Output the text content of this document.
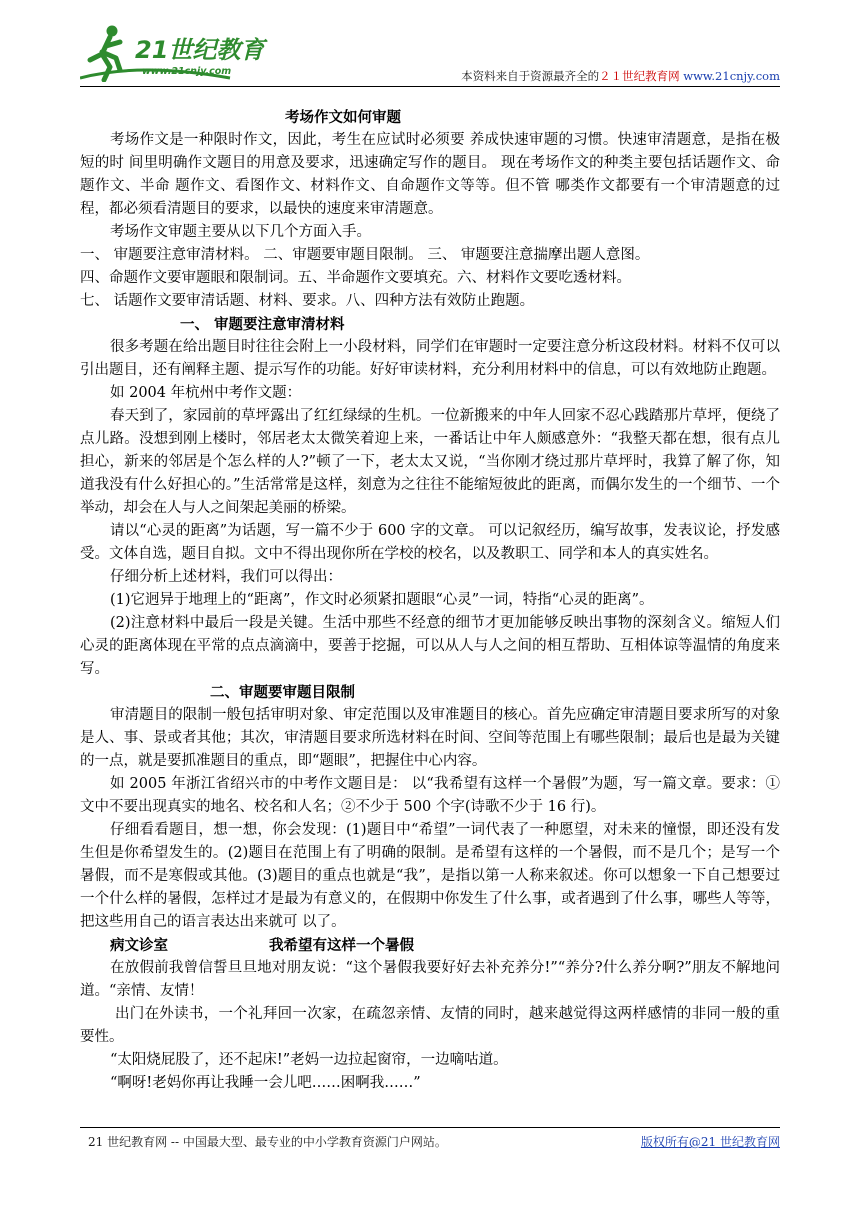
21世纪教育
www.21cnjy.com	本资料来自于资源最齐全的２１世纪教育网 www.21cnjy.com

考场作文如何审题

考场作文是一种限时作文，因此，考生在应试时必须要 养成快速审题的习惯。快速审清题意，是指在极短的时 间里明确作文题目的用意及要求，迅速确定写作的题目。 现在考场作文的种类主要包括话题作文、命题作文、半命 题作文、看图作文、材料作文、自命题作文等等。但不管 哪类作文都要有一个审清题意的过程，都必须看清题目的要求，以最快的速度来审清题意。

考场作文审题主要从以下几个方面入手。

一、 审题要注意审清材料。 二、审题要审题目限制。 三、 审题要注意揣摩出题人意图。

四、命题作文要审题眼和限制词。五、半命题作文要填充。六、材料作文要吃透材料。

七、 话题作文要审清话题、材料、要求。八、四种方法有效防止跑题。

一、 审题要注意审清材料

很多考题在给出题目时往往会附上一小段材料，同学们在审题时一定要注意分析这段材料。材料不仅可以引出题目，还有阐释主题、提示写作的功能。好好审读材料，充分利用材料中的信息，可以有效地防止跑题。

如 2004 年杭州中考作文题：

春天到了，家园前的草坪露出了红红绿绿的生机。一位新搬来的中年人回家不忍心践踏那片草坪，便绕了点儿路。没想到刚上楼时，邻居老太太微笑着迎上来，一番话让中年人颇感意外：“我整天都在想，很有点儿担心，新来的邻居是个怎么样的人?”顿了一下，老太太又说，“当你刚才绕过那片草坪时，我算了解了你，知道我没有什么好担心的。”生活常常是这样，刻意为之往往不能缩短彼此的距离，而偶尔发生的一个细节、一个举动，却会在人与人之间架起美丽的桥梁。

请以“心灵的距离”为话题，写一篇不少于 600 字的文章。 可以记叙经历，编写故事，发表议论，抒发感受。文体自选，题目自拟。文中不得出现你所在学校的校名，以及教职工、同学和本人的真实姓名。

仔细分析上述材料，我们可以得出：

(1)它迥异于地理上的“距离”，作文时必须紧扣题眼“心灵”一词，特指“心灵的距离”。

(2)注意材料中最后一段是关键。生活中那些不经意的细节才更加能够反映出事物的深刻含义。缩短人们心灵的距离体现在平常的点点滴滴中，要善于挖掘，可以从人与人之间的相互帮助、互相体谅等温情的角度来写。

二、审题要审题目限制

审清题目的限制一般包括审明对象、审定范围以及审准题目的核心。首先应确定审清题目要求所写的对象是人、事、景或者其他；其次，审清题目要求所选材料在时间、空间等范围上有哪些限制；最后也是最为关键的一点，就是要抓准题目的重点，即“题眼”，把握住中心内容。

如 2005 年浙江省绍兴市的中考作文题目是： 以“我希望有这样一个暑假”为题，写一篇文章。要求：①文中不要出现真实的地名、校名和人名；②不少于 500 个字(诗歌不少于 16 行)。

仔细看看题目，想一想，你会发现：(1)题目中“希望”一词代表了一种愿望，对未来的憧憬，即还没有发生但是你希望发生的。(2)题目在范围上有了明确的限制。是希望有这样的一个暑假，而不是几个；是写一个暑假，而不是寒假或其他。(3)题目的重点也就是“我”，是指以第一人称来叙述。你可以想象一下自己想要过一个什么样的暑假，怎样过才是最为有意义的，在假期中你发生了什么事，或者遇到了什么事，哪些人等等，把这些用自己的语言表达出来就可 以了。

病文诊室                    我希望有这样一个暑假

在放假前我曾信誓旦旦地对朋友说：“这个暑假我要好好去补充养分!”“养分?什么养分啊?”朋友不解地问道。“亲情、友情！

出门在外读书，一个礼拜回一次家，在疏忽亲情、友情的同时，越来越觉得这两样感情的非同一般的重要性。

“太阳烧屁股了，还不起床!”老妈一边拉起窗帘，一边嘀咕道。

“啊呀!老妈你再让我睡一会儿吧……困啊我……”

21 世纪教育网 -- 中国最大型、最专业的中小学教育资源门户网站。	版权所有@21 世纪教育网
